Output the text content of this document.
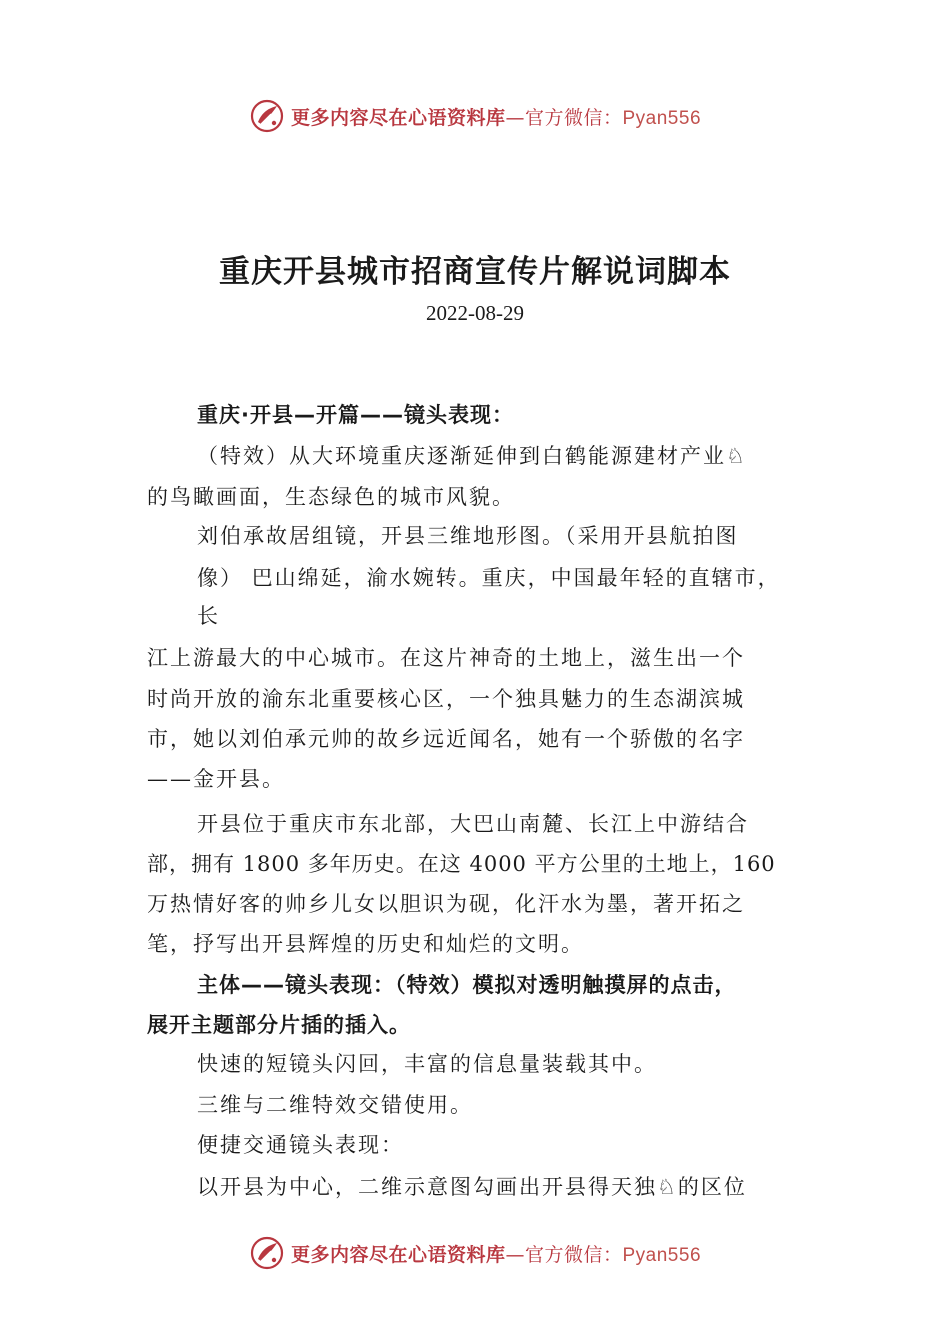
更多内容尽在心语资料库—官方微信：Pyan556
重庆开县城市招商宣传片解说词脚本
2022-08-29
重庆·开县—开篇——镜头表现：
（特效）从大环境重庆逐渐延伸到白鹤能源建材产业♘
的鸟瞰画面，生态绿色的城市风貌。
刘伯承故居组镜，开县三维地形图。（采用开县航拍图
像） 巴山绵延，渝水婉转。重庆，中国最年轻的直辖市，
长
江上游最大的中心城市。在这片神奇的土地上，滋生出一个
时尚开放的渝东北重要核心区，一个独具魅力的生态湖滨城
市，她以刘伯承元帅的故乡远近闻名，她有一个骄傲的名字
——金开县。
开县位于重庆市东北部，大巴山南麓、长江上中游结合
部，拥有 1800 多年历史。在这 4000 平方公里的土地上，160
万热情好客的帅乡儿女以胆识为砚，化汗水为墨，著开拓之
笔，抒写出开县辉煌的历史和灿烂的文明。
主体——镜头表现：（特效）模拟对透明触摸屏的点击，
展开主题部分片插的插入。
快速的短镜头闪回，丰富的信息量装载其中。
三维与二维特效交错使用。
便捷交通镜头表现：
以开县为中心，二维示意图勾画出开县得天独♘的区位
更多内容尽在心语资料库—官方微信：Pyan556
